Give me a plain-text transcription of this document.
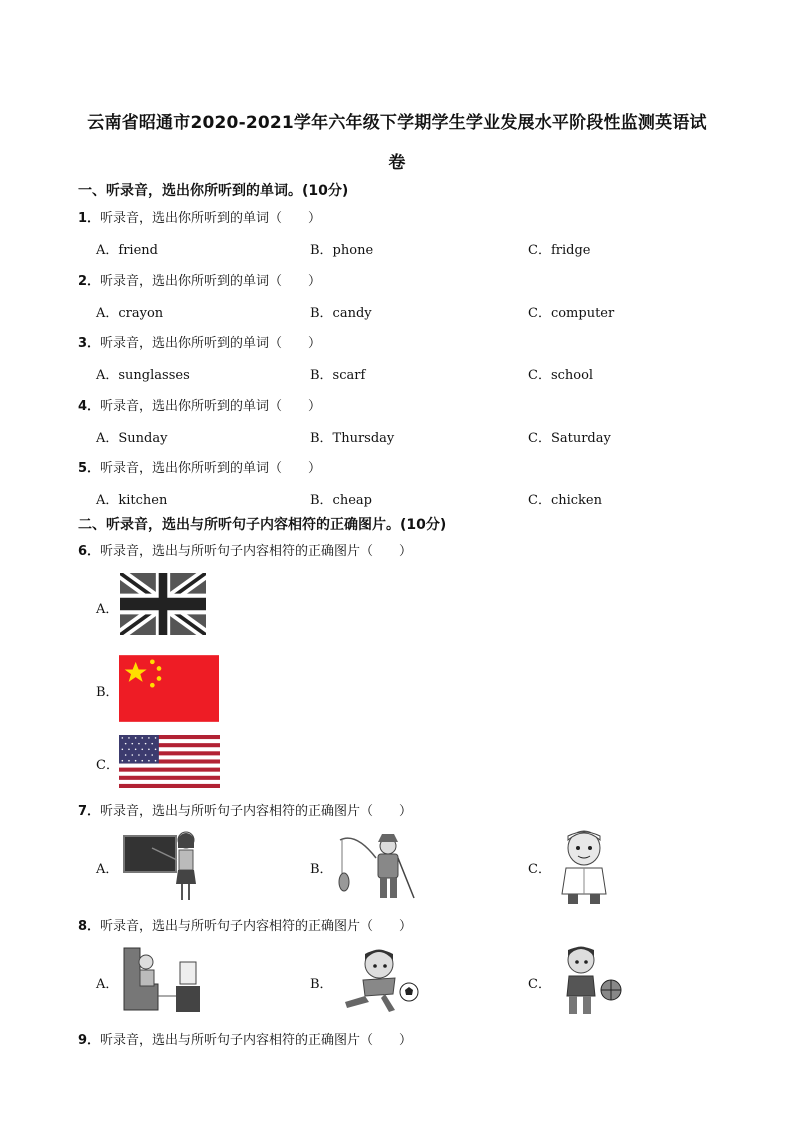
云南省昭通市2020-2021学年六年级下学期学生学业发展水平阶段性监测英语试
卷
一、听录音，选出你所听到的单词。(10分)
1．听录音，选出你所听到的单词（　　）
A．friend	B．phone	C．fridge
2．听录音，选出你所听到的单词（　　）
A．crayon	B．candy	C．computer
3．听录音，选出你所听到的单词（　　）
A．sunglasses	B．scarf	C．school
4．听录音，选出你所听到的单词（　　）
A．Sunday	B．Thursday	C．Saturday
5．听录音，选出你所听到的单词（　　）
A．kitchen	B．cheap	C．chicken
二、听录音，选出与所听句子内容相符的正确图片。(10分)
6．听录音，选出与所听句子内容相符的正确图片（　　）
A．
B．
C．
7．听录音，选出与所听句子内容相符的正确图片（　　）
A．	B．	C．
8．听录音，选出与所听句子内容相符的正确图片（　　）
A．	B．	C．
9．听录音，选出与所听句子内容相符的正确图片（　　）
